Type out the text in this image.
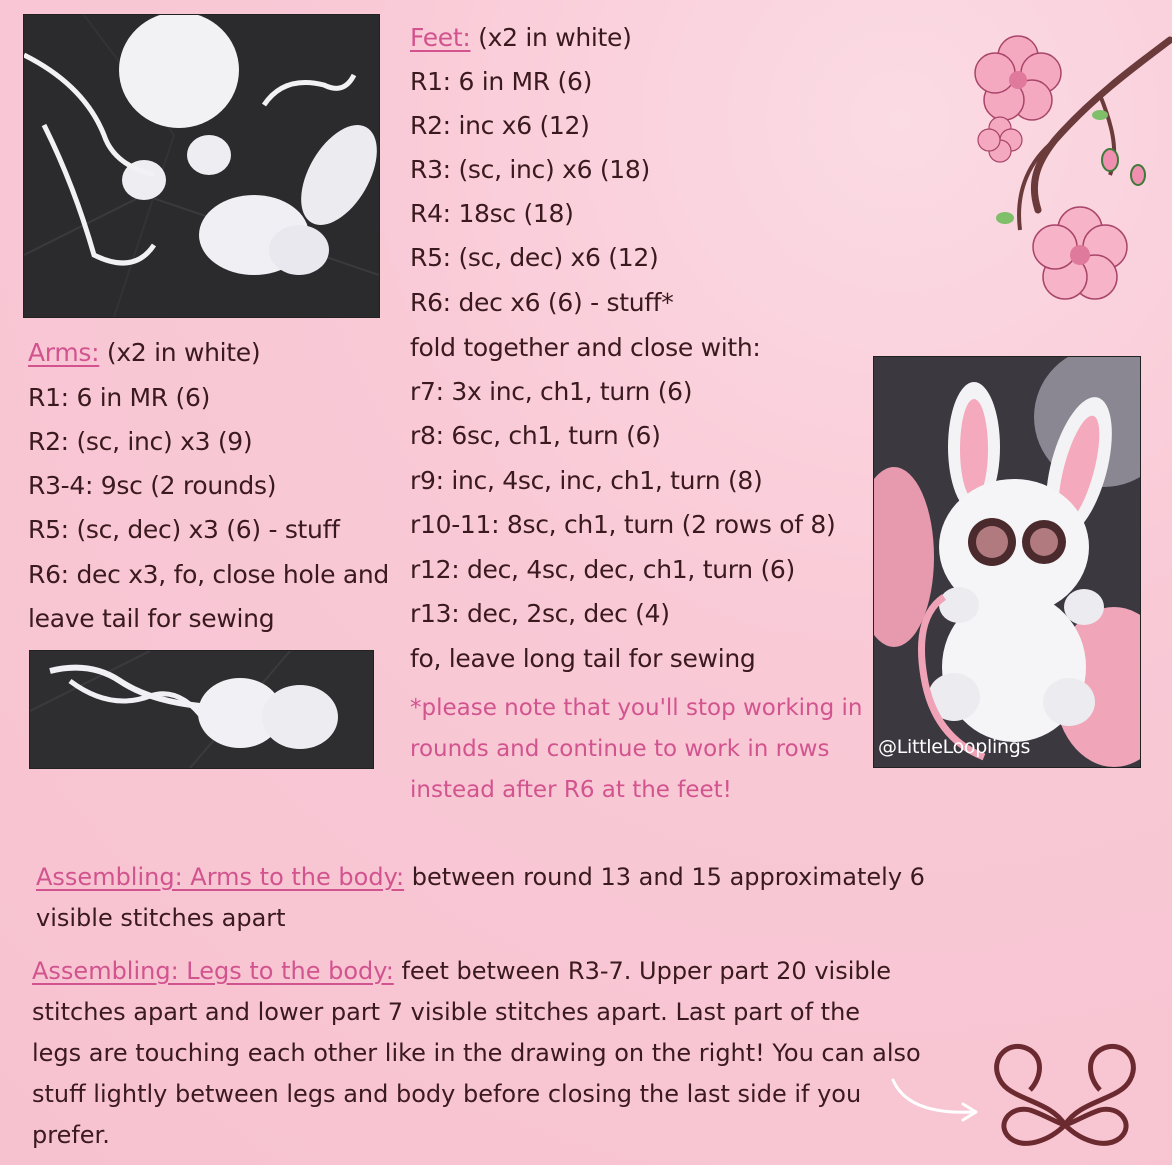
@LittleLooplings
Feet: (x2 in white)
R1: 6 in MR (6)
R2: inc x6 (12)
R3: (sc, inc) x6 (18)
R4: 18sc (18)
R5: (sc, dec) x6 (12)
R6: dec x6 (6) - stuff*
fold together and close with:
r7: 3x inc, ch1, turn (6)
r8: 6sc, ch1, turn (6)
r9: inc, 4sc, inc, ch1, turn (8)
r10-11: 8sc, ch1, turn (2 rows of 8)
r12: dec, 4sc, dec, ch1, turn (6)
r13: dec, 2sc, dec (4)
fo, leave long tail for sewing
*please note that you'll stop working in
rounds and continue to work in rows
instead after R6 at the feet!
Arms: (x2 in white)
R1: 6 in MR (6)
R2: (sc, inc) x3 (9)
R3-4: 9sc (2 rounds)
R5: (sc, dec) x3 (6) - stuff
R6: dec x3, fo, close hole and
leave tail for sewing
Assembling: Arms to the body: between round 13 and 15 approximately 6
visible stitches apart
Assembling: Legs to the body: feet between R3-7. Upper part 20 visible
stitches apart and lower part 7 visible stitches apart. Last part of the
legs are touching each other like in the drawing on the right! You can also
stuff lightly between legs and body before closing the last side if you
prefer.
